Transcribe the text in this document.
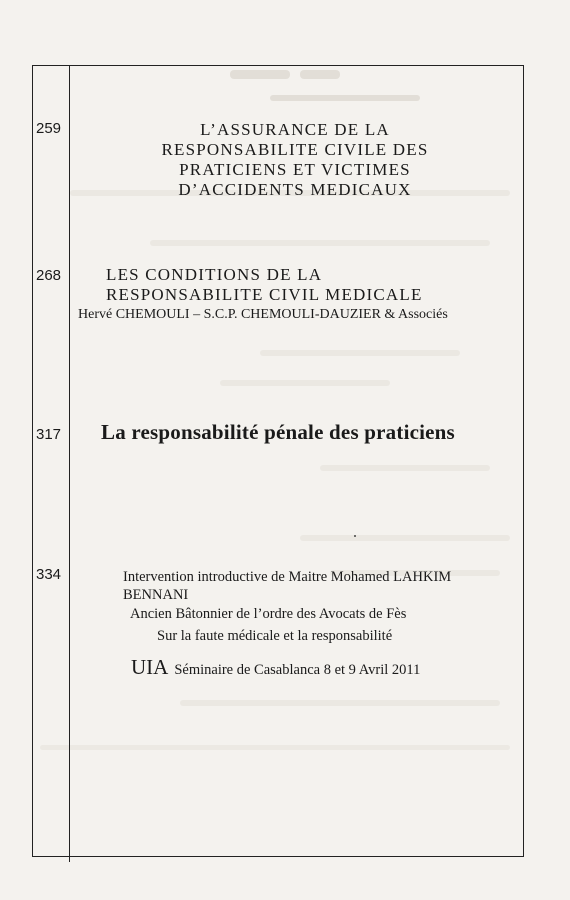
259	L’ASSURANCE DE LA
RESPONSABILITE CIVILE DES
PRATICIENS ET VICTIMES
D’ACCIDENTS MEDICAUX
268	LES CONDITIONS DE LA
RESPONSABILITE CIVIL MEDICALE
Hervé CHEMOULI – S.C.P. CHEMOULI-DAUZIER & Associés
317	La responsabilité pénale des praticiens
334	Intervention introductive de Maitre Mohamed LAHKIM
BENNANI
Ancien Bâtonnier de l’ordre des Avocats de Fès
Sur la faute médicale et la responsabilité
UIA Séminaire de Casablanca 8 et 9 Avril 2011
